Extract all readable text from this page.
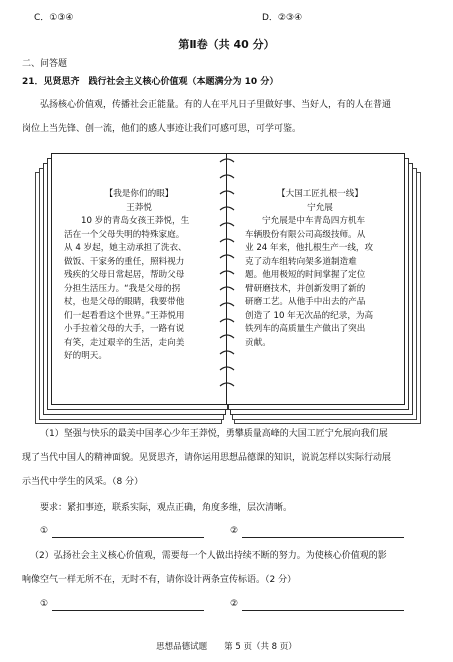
C．①③④	D．②③④
第Ⅱ卷（共 40 分）
二、问答题
21．见贤思齐　践行社会主义核心价值观（本题满分为 10 分）
弘扬核心价值观，传播社会正能量。有的人在平凡日子里做好事、当好人，有的人在普通
岗位上当先锋、创一流，他们的感人事迹让我们可感可思，可学可鉴。
【我是你们的眼】
王莽悦
10 岁的青岛女孩王莽悦，生
活在一个父母失明的特殊家庭。
从 4 岁起，她主动承担了洗衣、
做饭、干家务的重任，照料视力
残疾的父母日常起居，帮助父母
分担生活压力。“我是父母的拐
杖，也是父母的眼睛，我要带他
们一起看看这个世界。”王莽悦用
小手拉着父母的大手，一路有说
有笑，走过艰辛的生活，走向美
好的明天。
【大国工匠扎根一线】
宁允展
宁允展是中车青岛四方机车
车辆股份有限公司高级技师。从
业 24 年来，他扎根生产一线，攻
克了动车组转向架多道制造难
题。他用极短的时间掌握了定位
臂研磨技术，并创新发明了新的
研磨工艺。从他手中出去的产品
创造了 10 年无次品的纪录，为高
铁列车的高质量生产做出了突出
贡献。
（1）坚强与快乐的最美中国孝心少年王莽悦，勇攀质量高峰的大国工匠宁允展向我们展
现了当代中国人的精神面貌。见贤思齐，请你运用思想品德课的知识，说说怎样以实际行动展
示当代中学生的风采。（8 分）
要求：紧扣事迹，联系实际，观点正确，角度多维，层次清晰。
①	②
（2）弘扬社会主义核心价值观，需要每一个人做出持续不断的努力。为使核心价值观的影
响像空气一样无所不在，无时不有，请你设计两条宣传标语。（2 分）
①	②
思想品德试题　　第 5 页（共 8 页）
